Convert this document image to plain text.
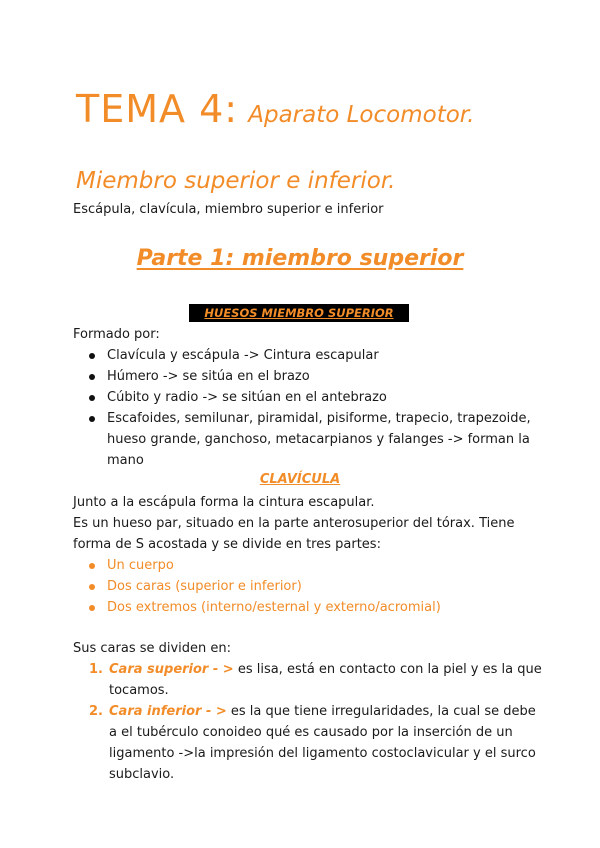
TEMA 4: Aparato Locomotor. Miembro superior e inferior.
Escápula, clavícula, miembro superior e inferior
Parte 1: miembro superior
HUESOS MIEMBRO SUPERIOR
Formado por:
Clavícula y escápula -> Cintura escapular
Húmero -> se sitúa en el brazo
Cúbito y radio -> se sitúan en el antebrazo
Escafoides, semilunar, piramidal, pisiforme, trapecio, trapezoide, hueso grande, ganchoso, metacarpianos y falanges -> forman la mano
CLAVÍCULA
Junto a la escápula forma la cintura escapular.
Es un hueso par, situado en la parte anterosuperior del tórax. Tiene forma de S acostada y se divide en tres partes:
Un cuerpo
Dos caras (superior e inferior)
Dos extremos (interno/esternal y externo/acromial)
Sus caras se dividen en:
1. Cara superior - > es lisa, está en contacto con la piel y es la que tocamos.
2. Cara inferior - > es la que tiene irregularidades, la cual se debe a el tubérculo conoideo qué es causado por la inserción de un ligamento ->la impresión del ligamento costoclavicular y el surco subclavio.
